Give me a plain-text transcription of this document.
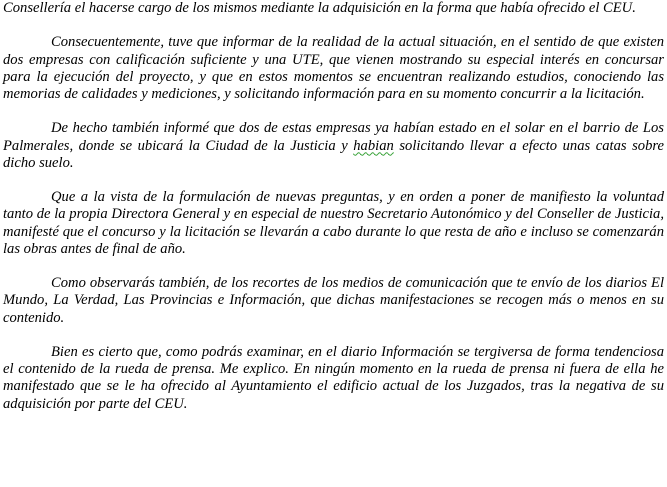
Consellería el hacerse cargo de los mismos mediante la adquisición en la forma que había ofrecido el CEU.

Consecuentemente, tuve que informar de la realidad de la actual situación, en el sentido de que existen dos empresas con calificación suficiente y una UTE, que vienen mostrando su especial interés en concursar para la ejecución del proyecto, y que en estos momentos se encuentran realizando estudios, conociendo las memorias de calidades y mediciones, y solicitando información para en su momento concurrir a la licitación.

De hecho también informé que dos de estas empresas ya habían estado en el solar en el barrio de Los Palmerales, donde se ubicará la Ciudad de la Justicia y habian solicitando llevar a efecto unas catas sobre dicho suelo.

Que a la vista de la formulación de nuevas preguntas, y en orden a poner de manifiesto la voluntad tanto de la propia Directora General y en especial de nuestro Secretario Autonómico y del Conseller de Justicia, manifesté que el concurso y la licitación se llevarán a cabo durante lo que resta de año e incluso se comenzarán las obras antes de final de año.

Como observarás también, de los recortes de los medios de comunicación que te envío de los diarios El Mundo, La Verdad, Las Provincias e Información, que dichas manifestaciones se recogen más o menos en su contenido.

Bien es cierto que, como podrás examinar, en el diario Información se tergiversa de forma tendenciosa el contenido de la rueda de prensa. Me explico. En ningún momento en la rueda de prensa ni fuera de ella he manifestado que se le ha ofrecido al Ayuntamiento el edificio actual de los Juzgados, tras la negativa de su adquisición por parte del CEU.
